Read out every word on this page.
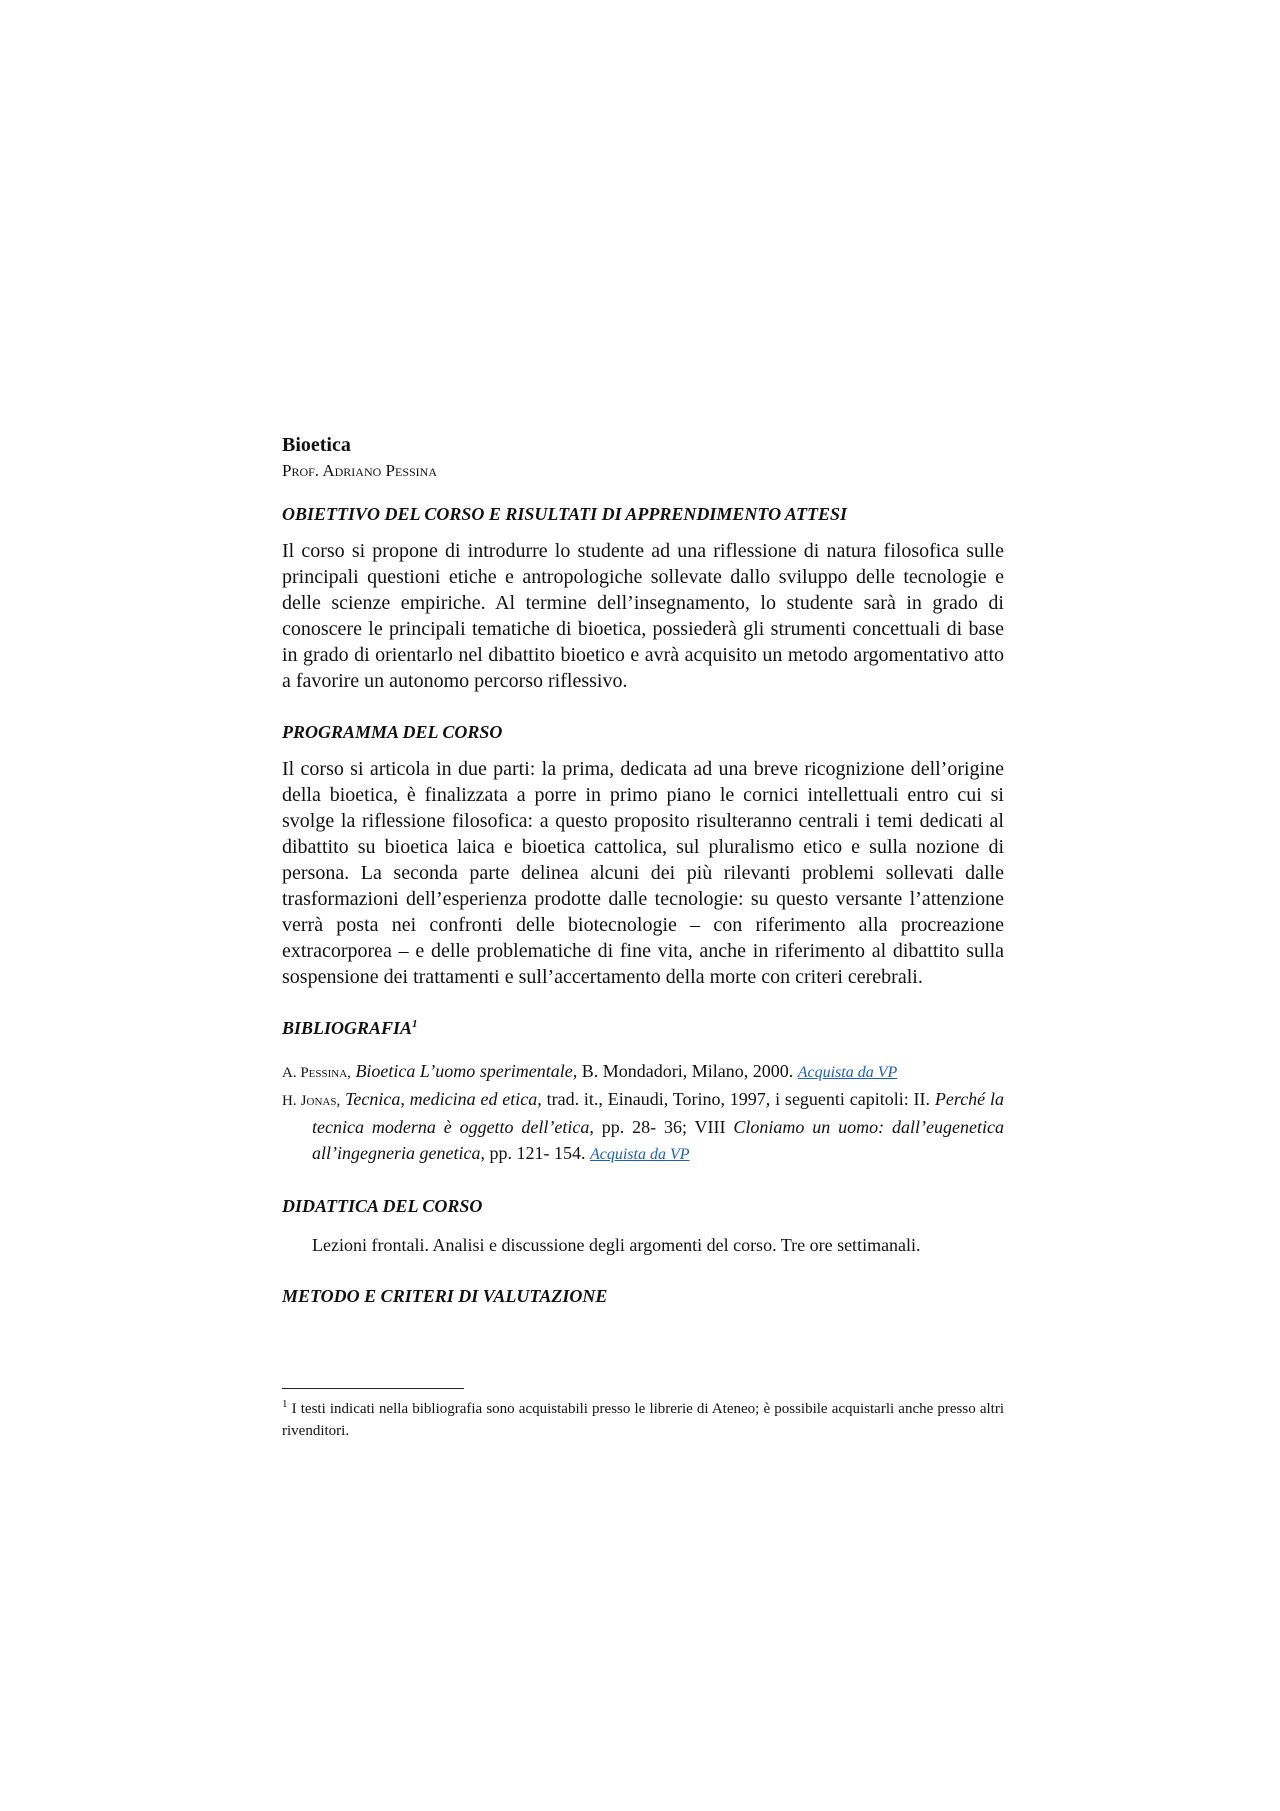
Bioetica

Prof. Adriano Pessina

OBIETTIVO DEL CORSO E RISULTATI DI APPRENDIMENTO ATTESI

Il corso si propone di introdurre lo studente ad una riflessione di natura filosofica sulle principali questioni etiche e antropologiche sollevate dallo sviluppo delle tecnologie e delle scienze empiriche. Al termine dell’insegnamento, lo studente sarà in grado di conoscere le principali tematiche di bioetica, possiederà gli strumenti concettuali di base in grado di orientarlo nel dibattito bioetico e avrà acquisito un metodo argomentativo atto a favorire un autonomo percorso riflessivo.

PROGRAMMA DEL CORSO

Il corso si articola in due parti: la prima, dedicata ad una breve ricognizione dell’origine della bioetica, è finalizzata a porre in primo piano le cornici intellettuali entro cui si svolge la riflessione filosofica: a questo proposito risulteranno centrali i temi dedicati al dibattito su bioetica laica e bioetica cattolica, sul pluralismo etico e sulla nozione di persona. La seconda parte delinea alcuni dei più rilevanti problemi sollevati dalle trasformazioni dell’esperienza prodotte dalle tecnologie: su questo versante l’attenzione verrà posta nei confronti delle biotecnologie – con riferimento alla procreazione extracorporea – e delle problematiche di fine vita, anche in riferimento al dibattito sulla sospensione dei trattamenti e sull’accertamento della morte con criteri cerebrali.

BIBLIOGRAFIA$^1$

A. Pessina, Bioetica L’uomo sperimentale, B. Mondadori, Milano, 2000. Acquista da VP

H. Jonas, Tecnica, medicina ed etica, trad. it., Einaudi, Torino, 1997, i seguenti capitoli: II. Perché la tecnica moderna è oggetto dell’etica, pp. 28- 36; VIII Cloniamo un uomo: dall’eugenetica all’ingegneria genetica, pp. 121- 154. Acquista da VP

DIDATTICA DEL CORSO

Lezioni frontali. Analisi e discussione degli argomenti del corso. Tre ore settimanali.

METODO E CRITERI DI VALUTAZIONE

$^1$ I testi indicati nella bibliografia sono acquistabili presso le librerie di Ateneo; è possibile acquistarli anche presso altri rivenditori.
